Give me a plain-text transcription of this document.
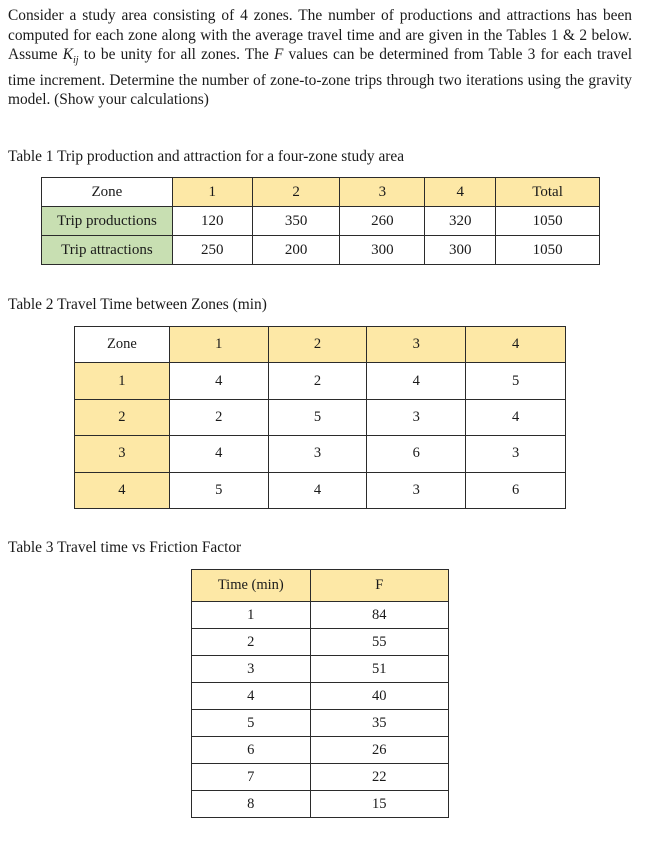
Consider a study area consisting of 4 zones. The number of productions and attractions has been computed for each zone along with the average travel time and are given in the Tables 1 & 2 below. Assume $K_{ij}$ to be unity for all zones. The F values can be determined from Table 3 for each travel time increment. Determine the number of zone-to-zone trips through two iterations using the gravity model. (Show your calculations)

Table 1 Trip production and attraction for a four-zone study area

Zone	1	2	3	4	Total
Trip productions	120	350	260	320	1050
Trip attractions	250	200	300	300	1050

Table 2 Travel Time between Zones (min)

Zone	1	2	3	4
1	4	2	4	5
2	2	5	3	4
3	4	3	6	3
4	5	4	3	6

Table 3 Travel time vs Friction Factor

Time (min)	F
1	84
2	55
3	51
4	40
5	35
6	26
7	22
8	15
